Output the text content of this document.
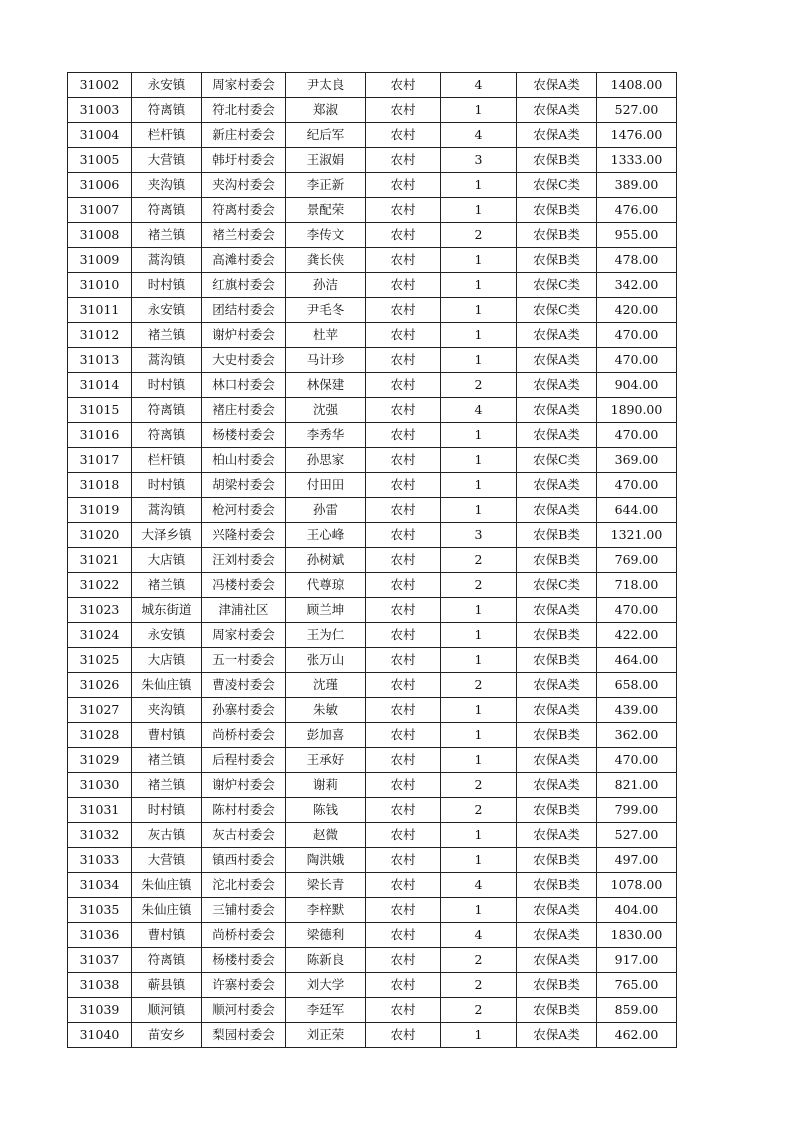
31002	永安镇	周家村委会	尹太良	农村	4	农保A类	1408.00
31003	符离镇	符北村委会	郑淑	农村	1	农保A类	527.00
31004	栏杆镇	新庄村委会	纪后军	农村	4	农保A类	1476.00
31005	大营镇	韩圩村委会	王淑娟	农村	3	农保B类	1333.00
31006	夹沟镇	夹沟村委会	李正新	农村	1	农保C类	389.00
31007	符离镇	符离村委会	景配荣	农村	1	农保B类	476.00
31008	褚兰镇	褚兰村委会	李传文	农村	2	农保B类	955.00
31009	蒿沟镇	高滩村委会	龚长侠	农村	1	农保B类	478.00
31010	时村镇	红旗村委会	孙洁	农村	1	农保C类	342.00
31011	永安镇	团结村委会	尹毛冬	农村	1	农保C类	420.00
31012	褚兰镇	谢炉村委会	杜苹	农村	1	农保A类	470.00
31013	蒿沟镇	大史村委会	马计珍	农村	1	农保A类	470.00
31014	时村镇	林口村委会	林保建	农村	2	农保A类	904.00
31015	符离镇	褚庄村委会	沈强	农村	4	农保A类	1890.00
31016	符离镇	杨楼村委会	李秀华	农村	1	农保A类	470.00
31017	栏杆镇	柏山村委会	孙思家	农村	1	农保C类	369.00
31018	时村镇	胡梁村委会	付田田	农村	1	农保A类	470.00
31019	蒿沟镇	枪河村委会	孙雷	农村	1	农保A类	644.00
31020	大泽乡镇	兴隆村委会	王心峰	农村	3	农保B类	1321.00
31021	大店镇	汪刘村委会	孙树斌	农村	2	农保B类	769.00
31022	褚兰镇	冯楼村委会	代尊琼	农村	2	农保C类	718.00
31023	城东街道	津浦社区	顾兰坤	农村	1	农保A类	470.00
31024	永安镇	周家村委会	王为仁	农村	1	农保B类	422.00
31025	大店镇	五一村委会	张万山	农村	1	农保B类	464.00
31026	朱仙庄镇	曹凌村委会	沈瑾	农村	2	农保A类	658.00
31027	夹沟镇	孙寨村委会	朱敏	农村	1	农保A类	439.00
31028	曹村镇	尚桥村委会	彭加喜	农村	1	农保B类	362.00
31029	褚兰镇	后程村委会	王承好	农村	1	农保A类	470.00
31030	褚兰镇	谢炉村委会	谢莉	农村	2	农保A类	821.00
31031	时村镇	陈村村委会	陈钱	农村	2	农保B类	799.00
31032	灰古镇	灰古村委会	赵微	农村	1	农保A类	527.00
31033	大营镇	镇西村委会	陶洪娥	农村	1	农保B类	497.00
31034	朱仙庄镇	沱北村委会	梁长青	农村	4	农保B类	1078.00
31035	朱仙庄镇	三铺村委会	李梓默	农村	1	农保A类	404.00
31036	曹村镇	尚桥村委会	梁德利	农村	4	农保A类	1830.00
31037	符离镇	杨楼村委会	陈新良	农村	2	农保A类	917.00
31038	蕲县镇	许寨村委会	刘大学	农村	2	农保B类	765.00
31039	顺河镇	顺河村委会	李廷军	农村	2	农保B类	859.00
31040	苗安乡	梨园村委会	刘正荣	农村	1	农保A类	462.00
